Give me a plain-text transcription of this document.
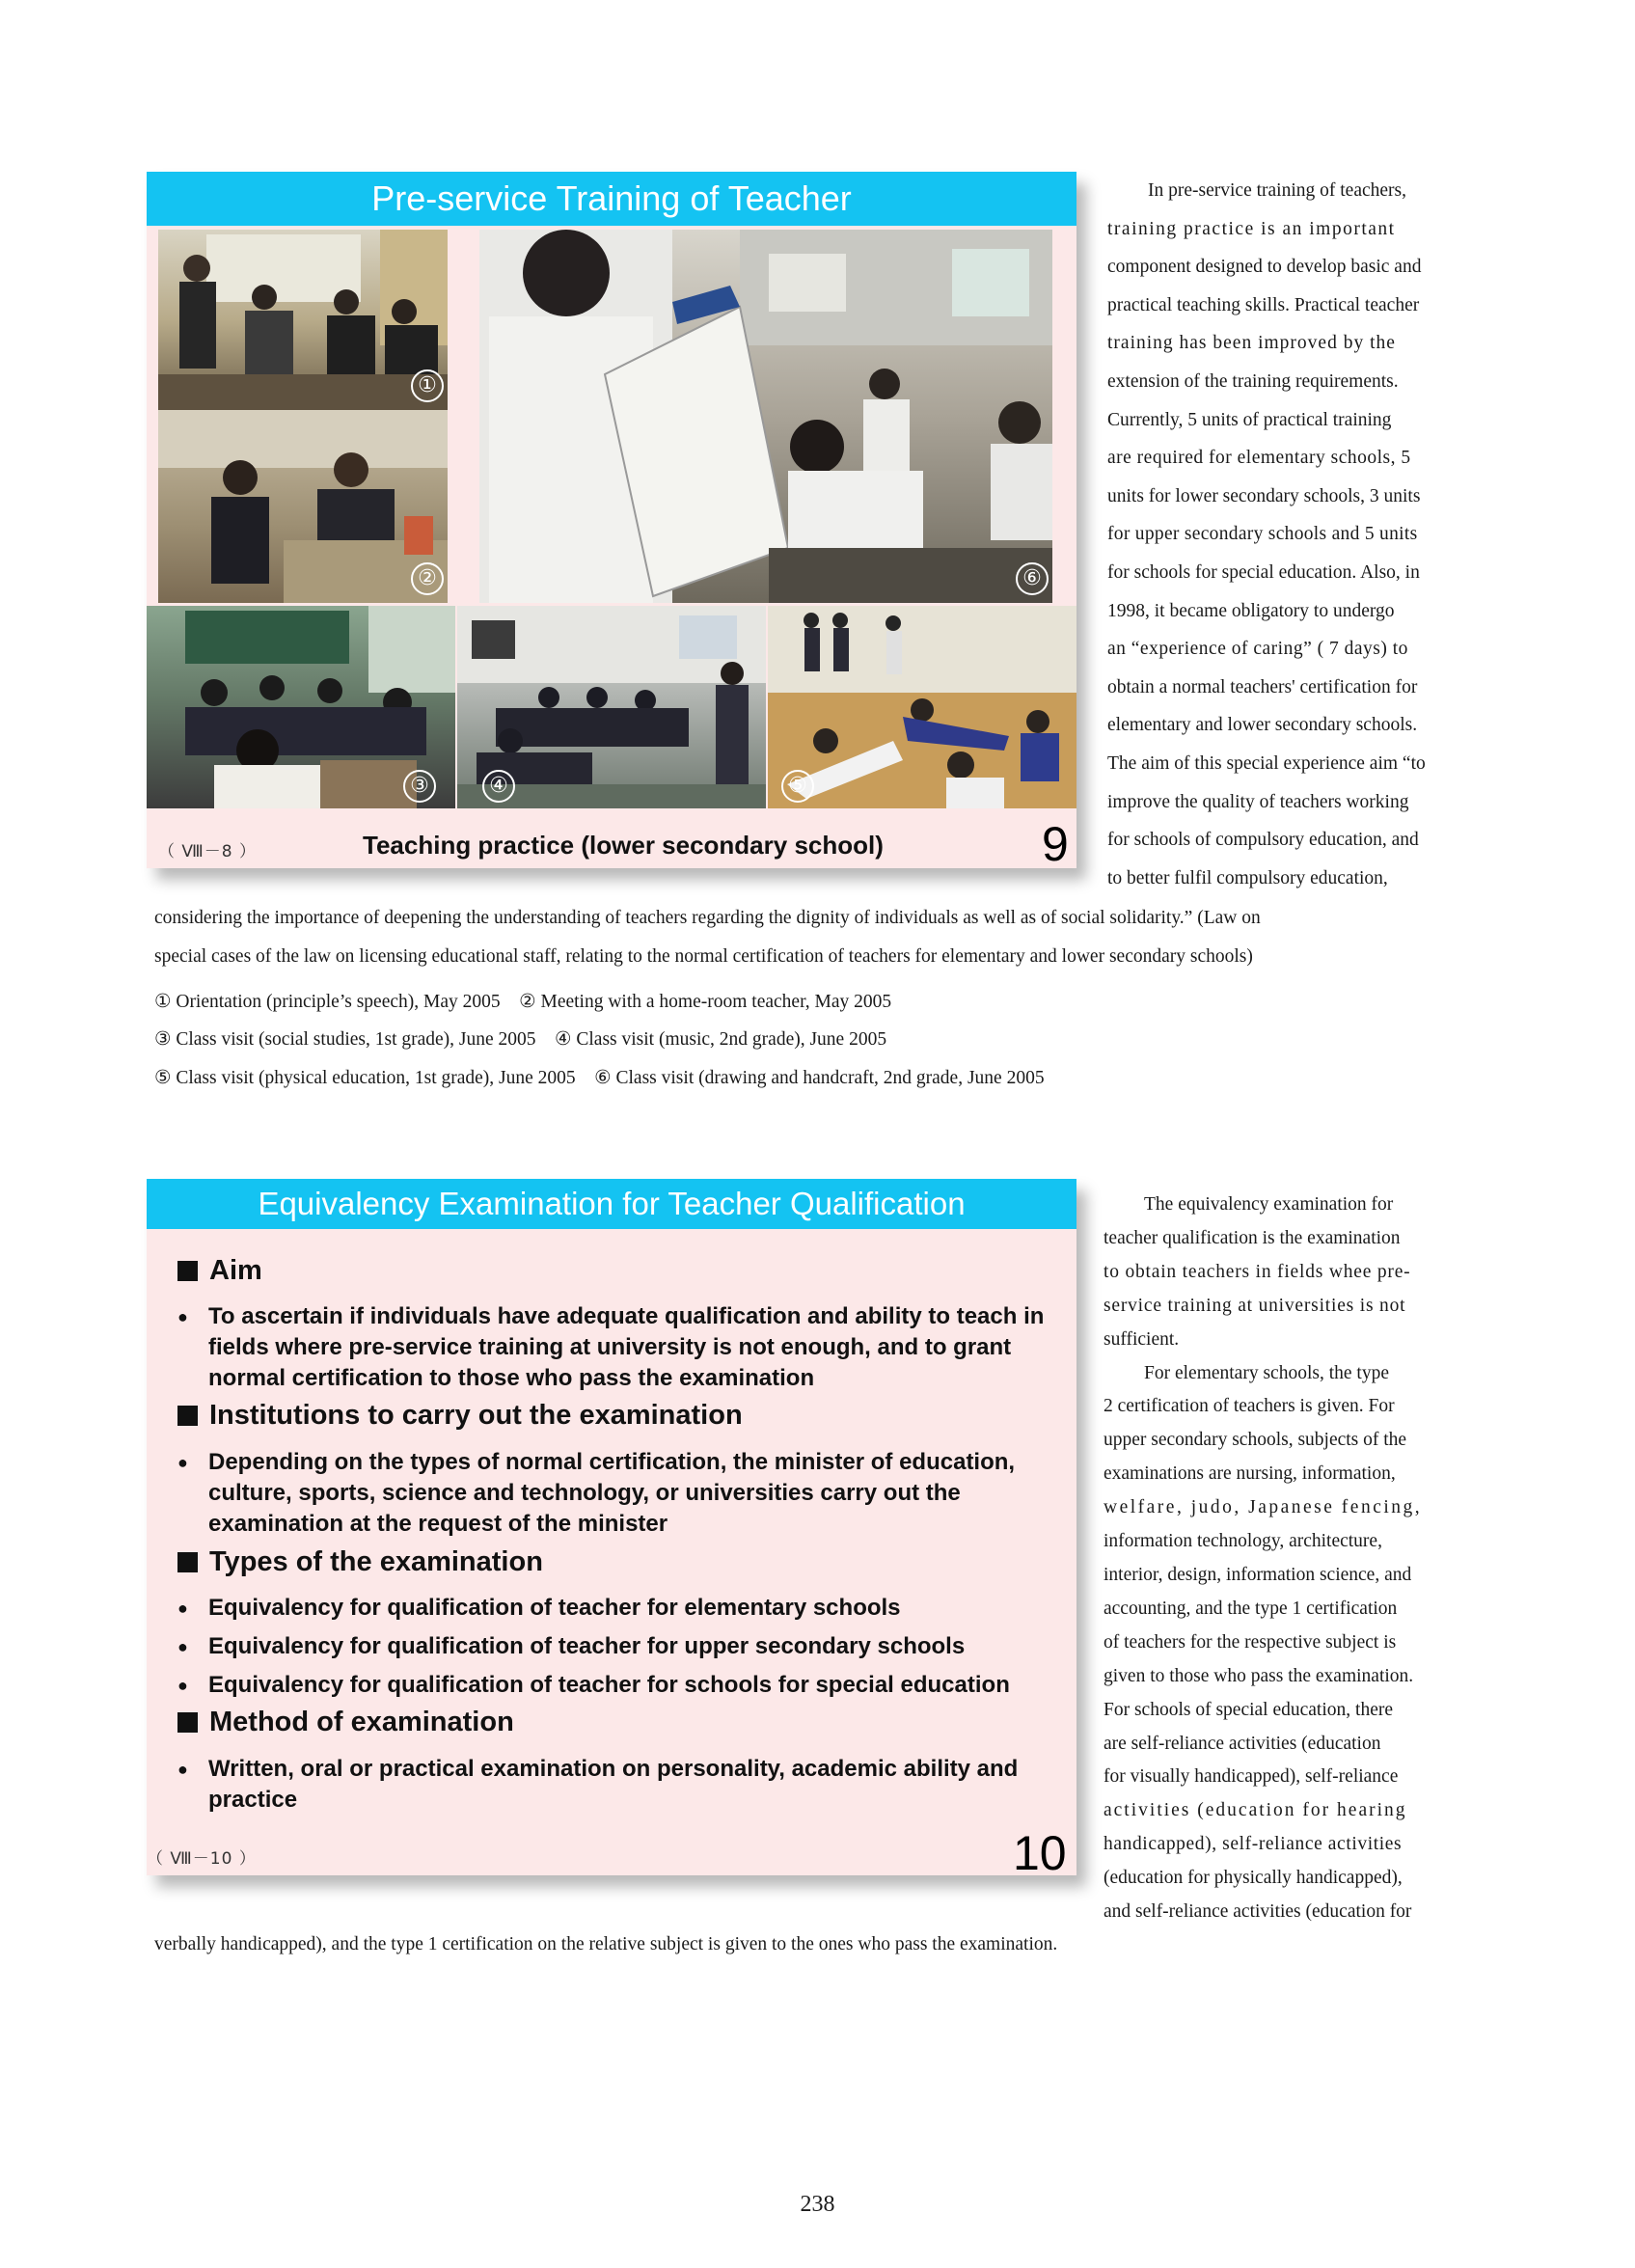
Pre-service Training of Teacher
①
②	⑥
③	④	⑤
（ Ⅷ－8 ）	Teaching practice (lower secondary school)	9

In pre-service training of teachers,

training practice is an important

component designed to develop basic and

practical teaching skills. Practical teacher

training has been improved by the

extension of the training requirements.

Currently, 5 units of practical training

are required for elementary schools, 5

units for lower secondary schools, 3 units

for upper secondary schools and 5 units

for schools for special education. Also, in

1998, it became obligatory to undergo

an “experience of caring” ( 7 days) to

obtain a normal teachers' certification for

elementary and lower secondary schools.

The aim of this special experience aim “to

improve the quality of teachers working

for schools of compulsory education, and

to better fulfil compulsory education,

considering the importance of deepening the understanding of teachers regarding the dignity of individuals as well as of social solidarity.” (Law on

special cases of the law on licensing educational staff, relating to the normal certification of teachers for elementary and lower secondary schools)

① Orientation (principle’s speech), May 2005　② Meeting with a home-room teacher, May 2005
③ Class visit (social studies, 1st grade), June 2005　④ Class visit (music, 2nd grade), June 2005
⑤ Class visit (physical education, 1st grade), June 2005　⑥ Class visit (drawing and handcraft, 2nd grade, June 2005
Equivalency Examination for Teacher Qualification
（ Ⅷ－10 ）	10
Aim
● To ascertain if individuals have adequate qualification and ability to teach in fields where pre-service training at university is not enough, and to grant normal certification to those who pass the examination
Institutions to carry out the examination
● Depending on the types of normal certification, the minister of education, culture, sports, science and technology, or universities carry out the examination at the request of the minister
Types of the examination
● Equivalency for qualification of teacher for elementary schools
● Equivalency for qualification of teacher for upper secondary schools
● Equivalency for qualification of teacher for schools for special education
Method of examination
● Written, oral or practical examination on personality, academic ability and practice

The equivalency examination for

teacher qualification is the examination

to obtain teachers in fields whee pre-

service training at universities is not

sufficient.

For elementary schools, the type

2 certification of teachers is given. For

upper secondary schools, subjects of the

examinations are nursing, information,

welfare, judo, Japanese fencing,

information technology, architecture,

interior, design, information science, and

accounting, and the type 1 certification

of teachers for the respective subject is

given to those who pass the examination.

For schools of special education, there

are self-reliance activities (education

for visually handicapped), self-reliance

activities (education for hearing

handicapped), self-reliance activities

(education for physically handicapped),

and self-reliance activities (education for

verbally handicapped), and the type 1 certification on the relative subject is given to the ones who pass the examination.

238
